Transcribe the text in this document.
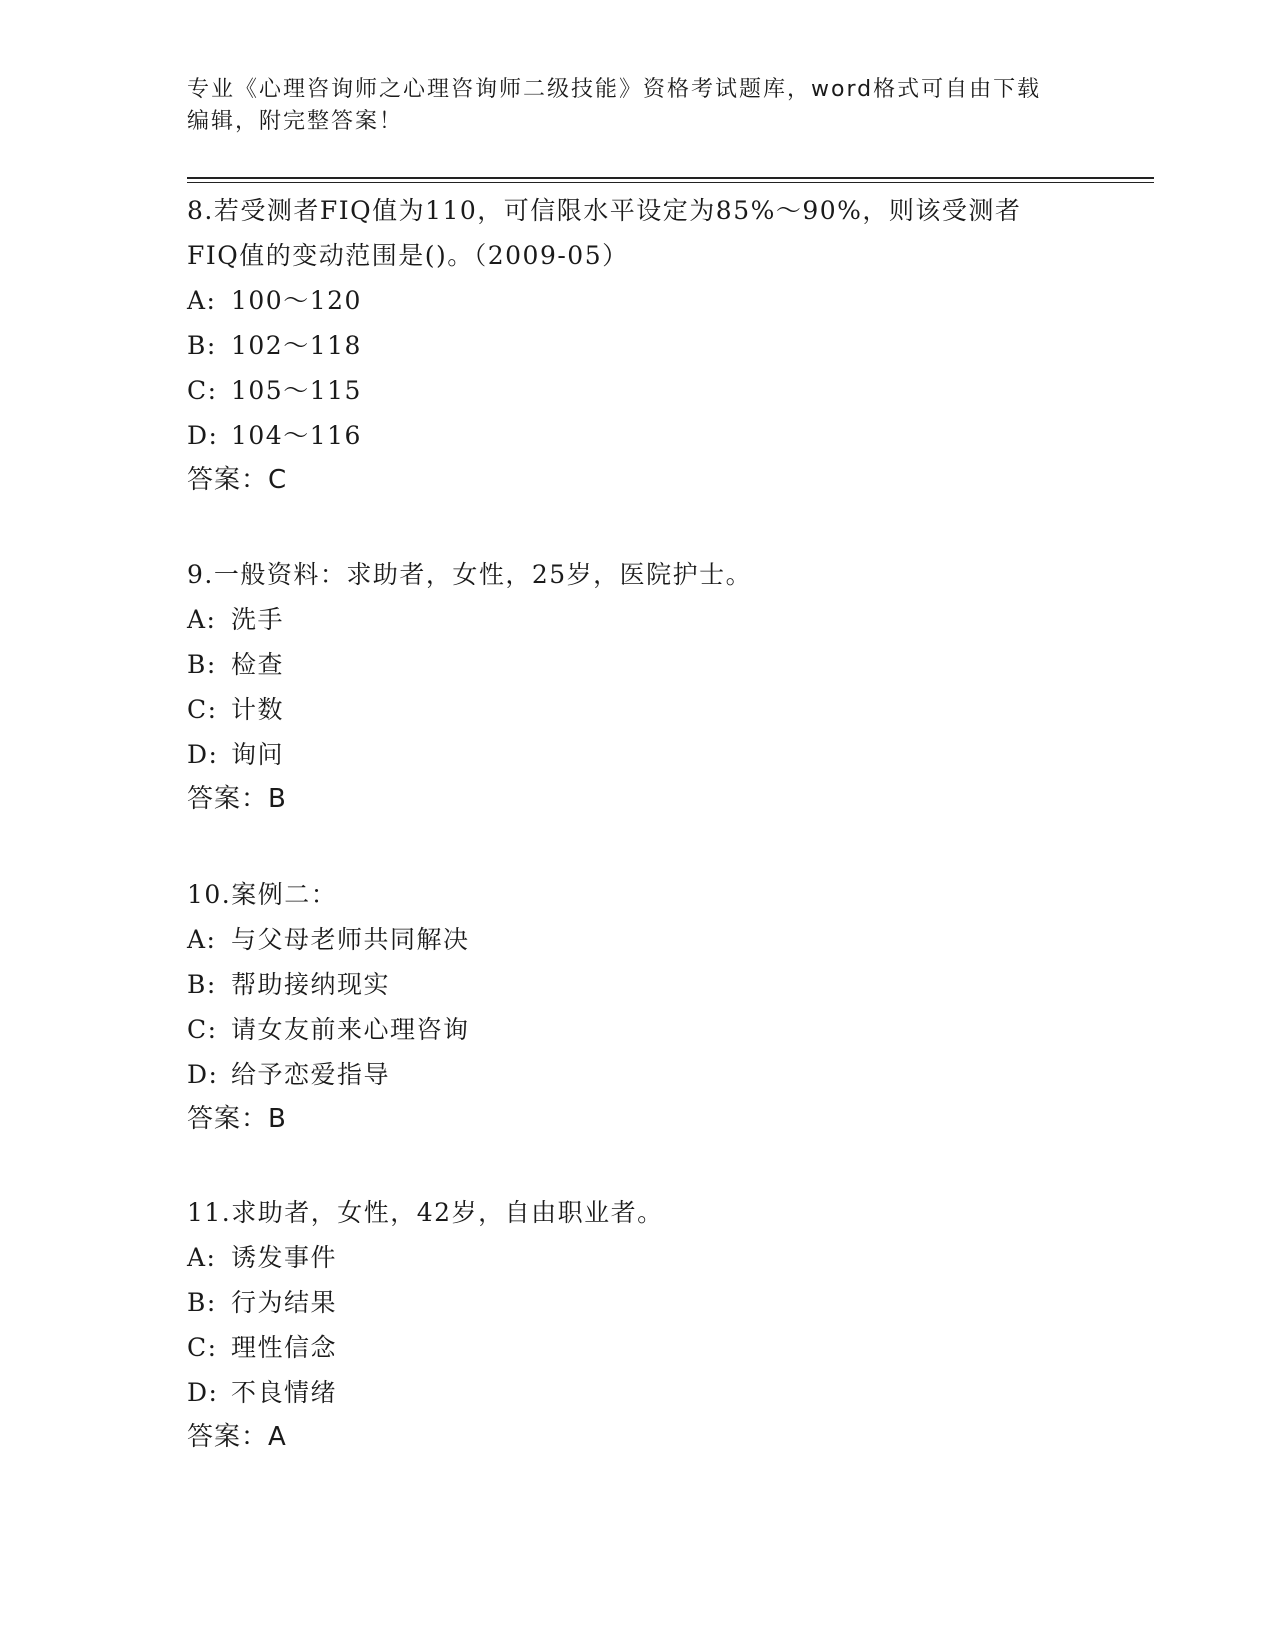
专业《心理咨询师之心理咨询师二级技能》资格考试题库，word格式可自由下载
编辑，附完整答案！
8.若受测者FIQ值为110，可信限水平设定为85%～90%，则该受测者
FIQ值的变动范围是()。（2009-05）
A: 100～120
B: 102～118
C: 105～115
D: 104～116
答案：C
9.一般资料：求助者，女性，25岁，医院护士。
A: 洗手
B: 检查
C: 计数
D: 询问
答案：B
10.案例二：
A: 与父母老师共同解决
B: 帮助接纳现实
C: 请女友前来心理咨询
D: 给予恋爱指导
答案：B
11.求助者，女性，42岁，自由职业者。
A: 诱发事件
B: 行为结果
C: 理性信念
D: 不良情绪
答案：A
